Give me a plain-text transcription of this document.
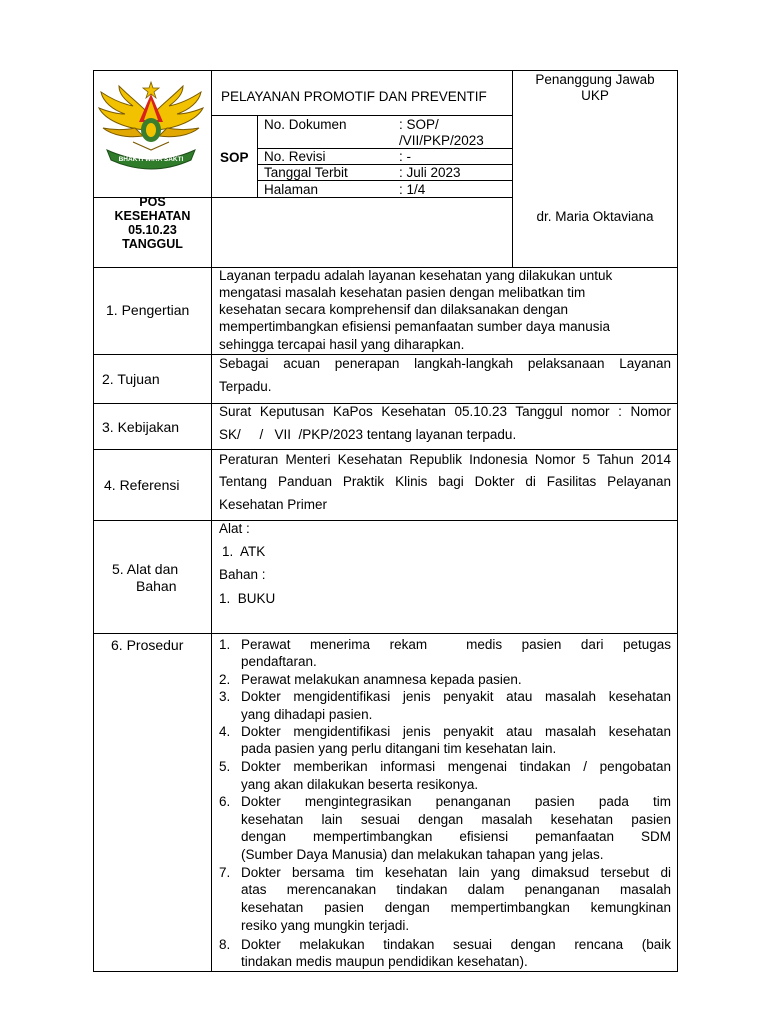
BHAKTI WIRA SAKTI
PELAYANAN PROMOTIF DAN PREVENTIF
Penanggung Jawab
UKP
SOP
No. Dokumen	: SOP/
/VII/PKP/2023
No. Revisi	: -
Tanggal Terbit	: Juli 2023
Halaman	: 1/4
POS
KESEHATAN
05.10.23
TANGGUL
dr. Maria Oktaviana
1. Pengertian
Layanan terpadu adalah layanan kesehatan yang dilakukan untuk
mengatasi masalah kesehatan pasien dengan melibatkan tim
kesehatan secara komprehensif dan dilaksanakan dengan
mempertimbangkan efisiensi pemanfaatan sumber daya manusia
sehingga tercapai hasil yang diharapkan.
2. Tujuan
Sebagai acuan penerapan langkah-langkah pelaksanaan Layanan
Terpadu.
3. Kebijakan
Surat Keputusan KaPos Kesehatan 05.10.23 Tanggul nomor : Nomor
SK/     /   VII  /PKP/2023 tentang layanan terpadu.
4. Referensi
Peraturan Menteri Kesehatan Republik Indonesia Nomor 5 Tahun 2014
Tentang Panduan Praktik Klinis bagi Dokter di Fasilitas Pelayanan
Kesehatan Primer
5. Alat dan
Bahan
Alat :
1.  ATK
Bahan :
1.  BUKU
6. Prosedur	1. Perawat menerima rekam  medis pasien dari petugas
pendaftaran.
2. Perawat melakukan anamnesa kepada pasien.
3. Dokter mengidentifikasi jenis penyakit atau masalah kesehatan
yang dihadapi pasien.
4. Dokter mengidentifikasi jenis penyakit atau masalah kesehatan
pada pasien yang perlu ditangani tim kesehatan lain.
5. Dokter memberikan informasi mengenai tindakan / pengobatan
yang akan dilakukan beserta resikonya.
6. Dokter mengintegrasikan penanganan pasien pada tim
kesehatan lain sesuai dengan masalah kesehatan pasien
dengan mempertimbangkan efisiensi pemanfaatan SDM
(Sumber Daya Manusia) dan melakukan tahapan yang jelas.
7. Dokter bersama tim kesehatan lain yang dimaksud tersebut di
atas merencanakan tindakan dalam penanganan masalah
kesehatan pasien dengan mempertimbangkan kemungkinan
resiko yang mungkin terjadi.
8. Dokter melakukan tindakan sesuai dengan rencana (baik
tindakan medis maupun pendidikan kesehatan).
